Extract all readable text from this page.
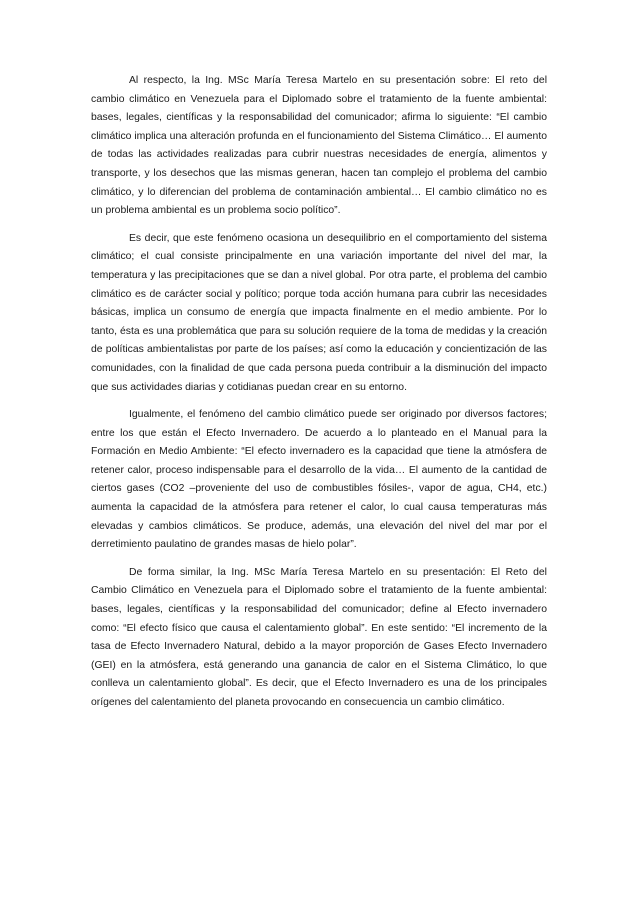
Al respecto, la Ing. MSc María Teresa Martelo en su presentación sobre: El reto del cambio climático en Venezuela para el Diplomado sobre el tratamiento de la fuente ambiental: bases, legales, científicas y la responsabilidad del comunicador; afirma lo siguiente: “El cambio climático implica una alteración profunda en el funcionamiento del Sistema Climático… El aumento de todas las actividades realizadas para cubrir nuestras necesidades de energía, alimentos y transporte, y los desechos que las mismas generan, hacen tan complejo el problema del cambio climático, y lo diferencian del problema de contaminación ambiental… El cambio climático no es un problema ambiental es un problema socio político”.

Es decir, que este fenómeno ocasiona un desequilibrio en el comportamiento del sistema climático; el cual consiste principalmente en una variación importante del nivel del mar, la temperatura y las precipitaciones que se dan a nivel global. Por otra parte, el problema del cambio climático es de carácter social y político; porque toda acción humana para cubrir las necesidades básicas, implica un consumo de energía que impacta finalmente en el medio ambiente. Por lo tanto, ésta es una problemática que para su solución requiere de la toma de medidas y la creación de políticas ambientalistas por parte de los países; así como la educación y concientización de las comunidades, con la finalidad de que cada persona pueda contribuir a la disminución del impacto que sus actividades diarias y cotidianas puedan crear en su entorno.

Igualmente, el fenómeno del cambio climático puede ser originado por diversos factores; entre los que están el Efecto Invernadero. De acuerdo a lo planteado en el Manual para la Formación en Medio Ambiente: “El efecto invernadero es la capacidad que tiene la atmósfera de retener calor, proceso indispensable para el desarrollo de la vida… El aumento de la cantidad de ciertos gases (CO2 –proveniente del uso de combustibles fósiles-, vapor de agua, CH4, etc.) aumenta la capacidad de la atmósfera para retener el calor, lo cual causa temperaturas más elevadas y cambios climáticos. Se produce, además, una elevación del nivel del mar por el derretimiento paulatino de grandes masas de hielo polar”.

De forma similar, la Ing. MSc María Teresa Martelo en su presentación: El Reto del Cambio Climático en Venezuela para el Diplomado sobre el tratamiento de la fuente ambiental: bases, legales, científicas y la responsabilidad del comunicador; define al Efecto invernadero como: “El efecto físico que causa el calentamiento global”. En este sentido: “El incremento de la tasa de Efecto Invernadero Natural, debido a la mayor proporción de Gases Efecto Invernadero (GEI) en la atmósfera, está generando una ganancia de calor en el Sistema Climático, lo que conlleva un calentamiento global”. Es decir, que el Efecto Invernadero es una de los principales orígenes del calentamiento del planeta provocando en consecuencia un cambio climático.
